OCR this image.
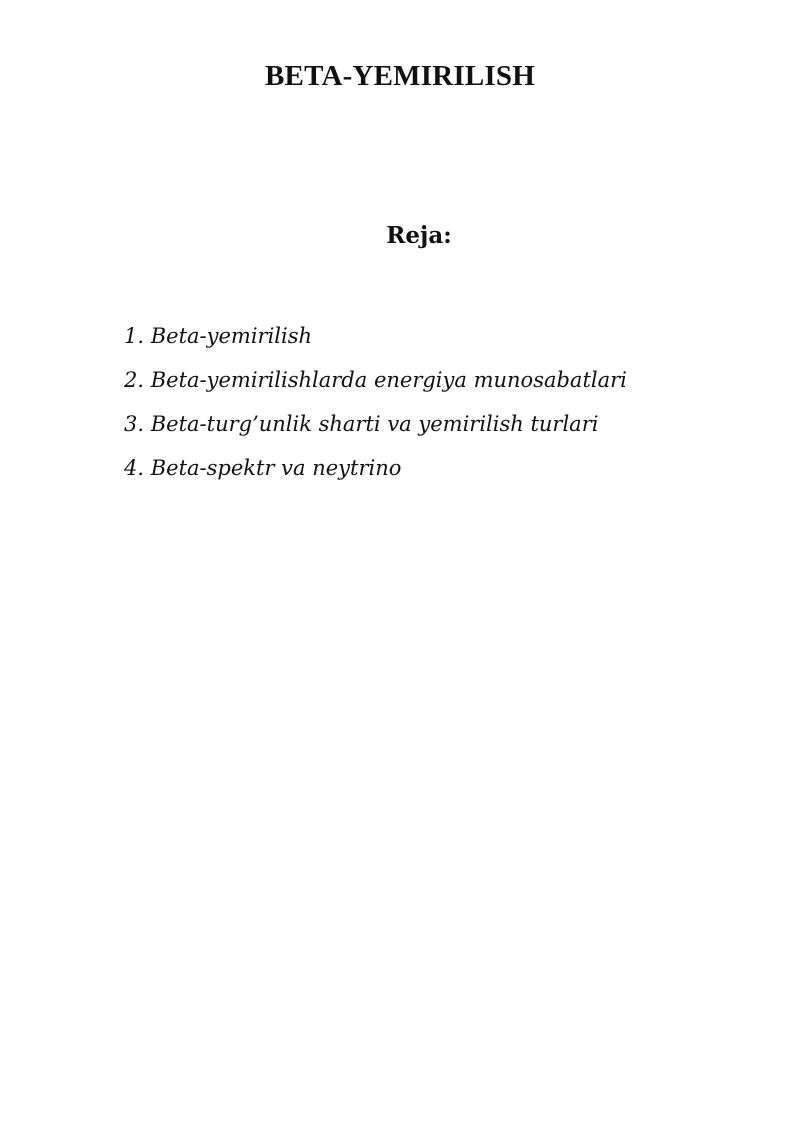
BETA-YEMIRILISH
Reja:
1. Beta-yemirilish
2. Beta-yemirilishlarda energiya munosabatlari
3. Beta-turg’unlik sharti va yemirilish turlari
4. Beta-spektr va neytrino
